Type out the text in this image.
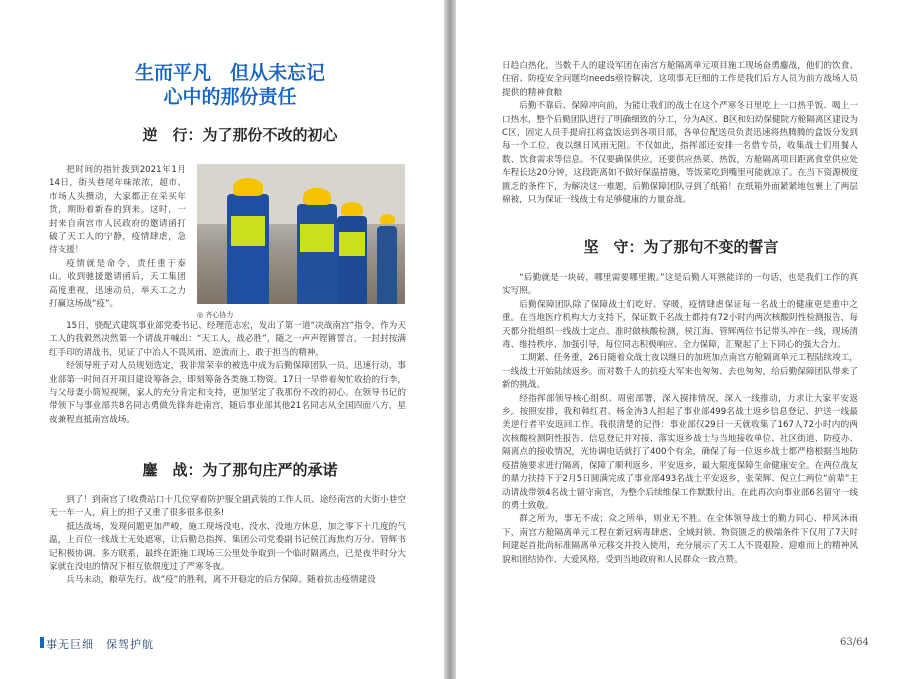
生而平凡　但从未忘记
心中的那份责任
逆　行：为了那份不改的初心

把时间的指针拨到2021年1月14日，街头巷尾年味浓浓，超市、市场人头攒动，大家都正在采买年货，期盼着新春的到来。这时，一封来自南宫市人民政府的邀请函打破了天工人的宁静，疫情肆虐，急待支援！

疫情就是命令，责任重于泰山。收到驰援邀请函后，天工集团高度重视，迅速动员，举天工之力打赢这场战“疫”。

◎ 齐心协力

15日，骁配式建筑事业部党委书记、经理范志宏，发出了第一道“决战南宫”指令，作为天工人的我毅然决然第一个请战并喊出：“天工人，战必胜”，随之一声声铿锵誓言，一封封按满红手印的请战书，见证了中冶人不畏风雨、逆流而上、敢于担当的精神。

经领导班子对人员规划选定，我非常荣幸的被选中成为后勤保障团队一员。迅速行动，事业部第一时间召开项目建设筹备会，即刻筹备各类施工物资。17日一早带着匆忙收拾的行李，与父母妻小简短视频，家人的充分肯定和支持，更加坚定了我那份不改的初心。在领导书记的带领下与事业部共8名同志勇做先锋奔赴南宫，随后事业部其他21名同志从全国四面八方，星夜兼程直抵南宫战场。

鏖　战：为了那句庄严的承诺

到了！到南宫了!收费站口十几位穿着防护服全副武装的工作人员、途经南宫的大街小巷空无一车一人，肩上的担子又重了很多很多很多!

抵达战场，发现问题更加严峻，施工现场没电、没水、没地方休息，加之零下十几度的气温，上百位一线战士无处遮寒，让后勤总指挥、集团公司党委副书记侯江海焦灼万分。管辉书记积极协调、多方联系，最终在距施工现场三公里处争取到一个临时隔离点，已是夜半时分大家就在没电的情况下相互依偎度过了严寒冬夜。

兵马未动，粮草先行。战“疫”的胜利，离不开稳定的后方保障。随着抗击疫情建设

事无巨细　保驾护航

日趋白热化，当数千人的建设军团在南宫方舱隔离单元项目施工现场奋勇鏖战，他们的饮食、住宿、防疫安全问题均needs亟待解决，这项事无巨细的工作是我们后方人员为前方战场人员提供的精神食粮

后勤不靠后、保障冲向前，为能让我们的战士在这个严寒冬日里吃上一口热乎饭、喝上一口热水，整个后勤团队进行了明确细致的分工，分为A区、B区和妇幼保健院方舱隔离区建设为C区，固定人员手提肩扛将盒饭运到各项目部，各单位配送员负责迅速将热腾腾的盒饭分发到每一个工位，夜以继日风雨无阻。不仅如此，指挥部还安排一名借专员，收集战士们用餐人数、饮食需求等信息。不仅要确保供应，还要供应热菜、热饭，方舱隔离项目距离食堂供应处车程长达20分钟，这段距离如不做好保温措施，等饭菜吃到嘴里可能就凉了。在当下资源极度匮乏的条件下，为解决这一难题，后勤保障团队寻到了纸箱！在纸箱外面紧紧地包裹上了两层棉被，只为保证一线战士有足够健康的力量奋战。

坚　守：为了那句不变的誓言

“后勤就是一块砖，哪里需要哪里搬。”这是后勤人耳熟能详的一句话，也是我们工作的真实写照。

后勤保障团队除了保障战士们吃好、穿暖，疫情肆虐保证每一名战士的健康更是重中之重。在当地医疗机构大力支持下，保证数千名战士都持有72小时内两次核酸阴性检测报告，每天都分批组织一线战士定点、准时做核酸检测，侯江海、管辉两位书记带头冲在一线，现场清毒、维持秩序、加强引导，每位同志积极响应、全力保障，汇聚起了上下同心的强大合力。

工期紧、任务重，26日随着众战士夜以继日的加班加点南宫方舱隔离单元工程陆续竣工，一线战士开始陆续返乡。而对数千人的抗疫大军来也匆匆、去也匆匆，给后勤保障团队带来了新的挑战。

经指挥部领导核心组织、周密部署，深入摸排情况，深入一线推动，力求让大家平安返乡。按照安排，我和韩红君、杨金涛3人担起了事业部499名战士返乡信息登记、护送一线最美逆行者平安返回工作。我很清楚的记得：事业部仅29日一天就收集了167人72小时内的两次核酸检测阴性报告、信息登记并对接、落实返乡战士与当地接收单位、社区街道、防疫办、隔离点的接收情况，光协调电话就打了400个有余，确保了每一位返乡战士都严格根据当地防疫措施要求进行隔离，保障了顺利返乡、平安返乡，最大限度保障生命健康安全。在两位战友的鼎力扶持下于2月5日圆满完成了事业部493名战士平安返乡，张荣辉、倪立仁两位“前辈”主动请战带领4名战士留守南宫，为整个后续维保工作默默付出。在此再次向事业部6名留守一线的勇士致敬。

群之所为，事无不成；众之所举，则业无不胜。在全体领导战士的勤力同心、栉风沐雨下，南宫方舱隔离单元工程在新冠病毒肆虐、全域封锁、物资匮乏的极端条件下仅用了7天时间建起首批尚标准隔离单元移交并投入使用，充分展示了天工人不畏艰险、迎难而上的精神风貌和团结协作、大爱风格，受到当地政府和人民群众一致点赞。

63/64
